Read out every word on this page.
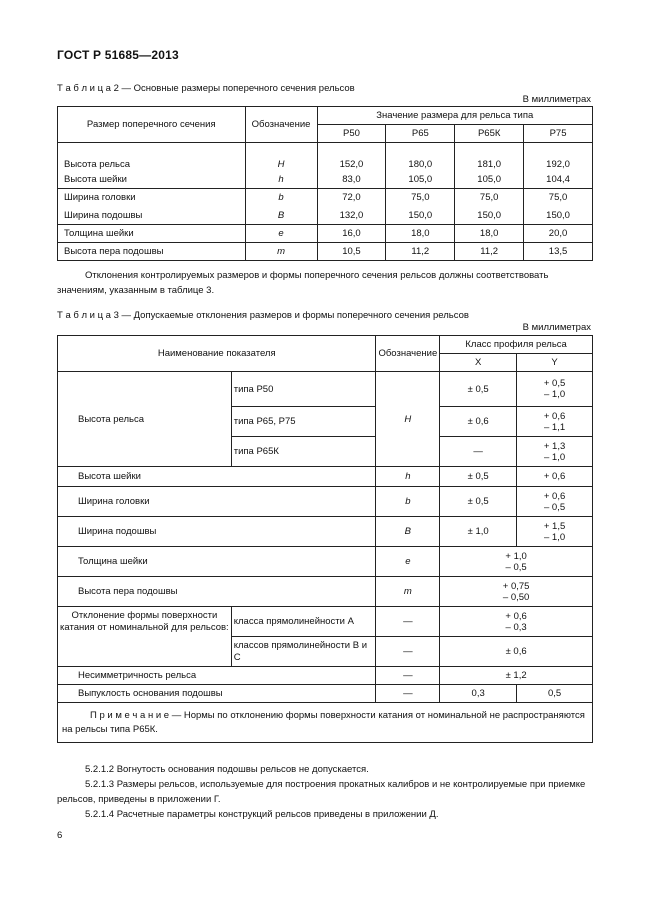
ГОСТ Р 51685—2013
Т а б л и ц а 2 — Основные размеры поперечного сечения рельсов
В миллиметрах
Размер поперечного сечения	Обозначение	Значение размера для рельса типа			
		Р50	Р65	Р65К	Р75
Высота рельса	H	152,0	180,0	181,0	192,0
Высота шейки	h	83,0	105,0	105,0	104,4
Ширина головки	b	72,0	75,0	75,0	75,0
Ширина подошвы	B	132,0	150,0	150,0	150,0
Толщина шейки	e	16,0	18,0	18,0	20,0
Высота пера подошвы	m	10,5	11,2	11,2	13,5
Отклонения контролируемых размеров и формы поперечного сечения рельсов должны соответствовать значениям, указанным в таблице 3.
Т а б л и ц а 3 — Допускаемые отклонения размеров и формы поперечного сечения рельсов
В миллиметрах
Наименование показателя		Обозначение	Класс профиля рельса	
			X	Y
Высота рельса	типа Р50	H	± 0,5	+ 0,5
– 1,0

	типа Р65, Р75		± 0,6	+ 0,6
– 1,1

	типа Р65К		—	+ 1,3
– 1,0

Высота шейки		h	± 0,5	+ 0,6
Ширина головки		b	± 0,5	+ 0,6
– 0,5

Ширина подошвы		B	± 1,0	+ 1,5
– 1,0

Толщина шейки		e	+ 1,0
– 0,5	

Высота пера подошвы		m	+ 0,75
– 0,50	

Отклонение формы поверхности катания от номинальной для рельсов:	класса прямолинейности А	—	+ 0,6
– 0,3	

	классов прямолинейности В и С	—	± 0,6	
Несимметричность рельса		—	± 1,2	
Выпуклость основания подошвы		—	0,3	0,5
П р и м е ч а н и е — Нормы по отклонению формы поверхности катания от номинальной не распространяются на рельсы типа Р65К.				
5.2.1.2 Вогнутость основания подошвы рельсов не допускается.
5.2.1.3 Размеры рельсов, используемые для построения прокатных калибров и не контролируемые при приемке рельсов, приведены в приложении Г.
5.2.1.4 Расчетные параметры конструкций рельсов приведены в приложении Д.
6
